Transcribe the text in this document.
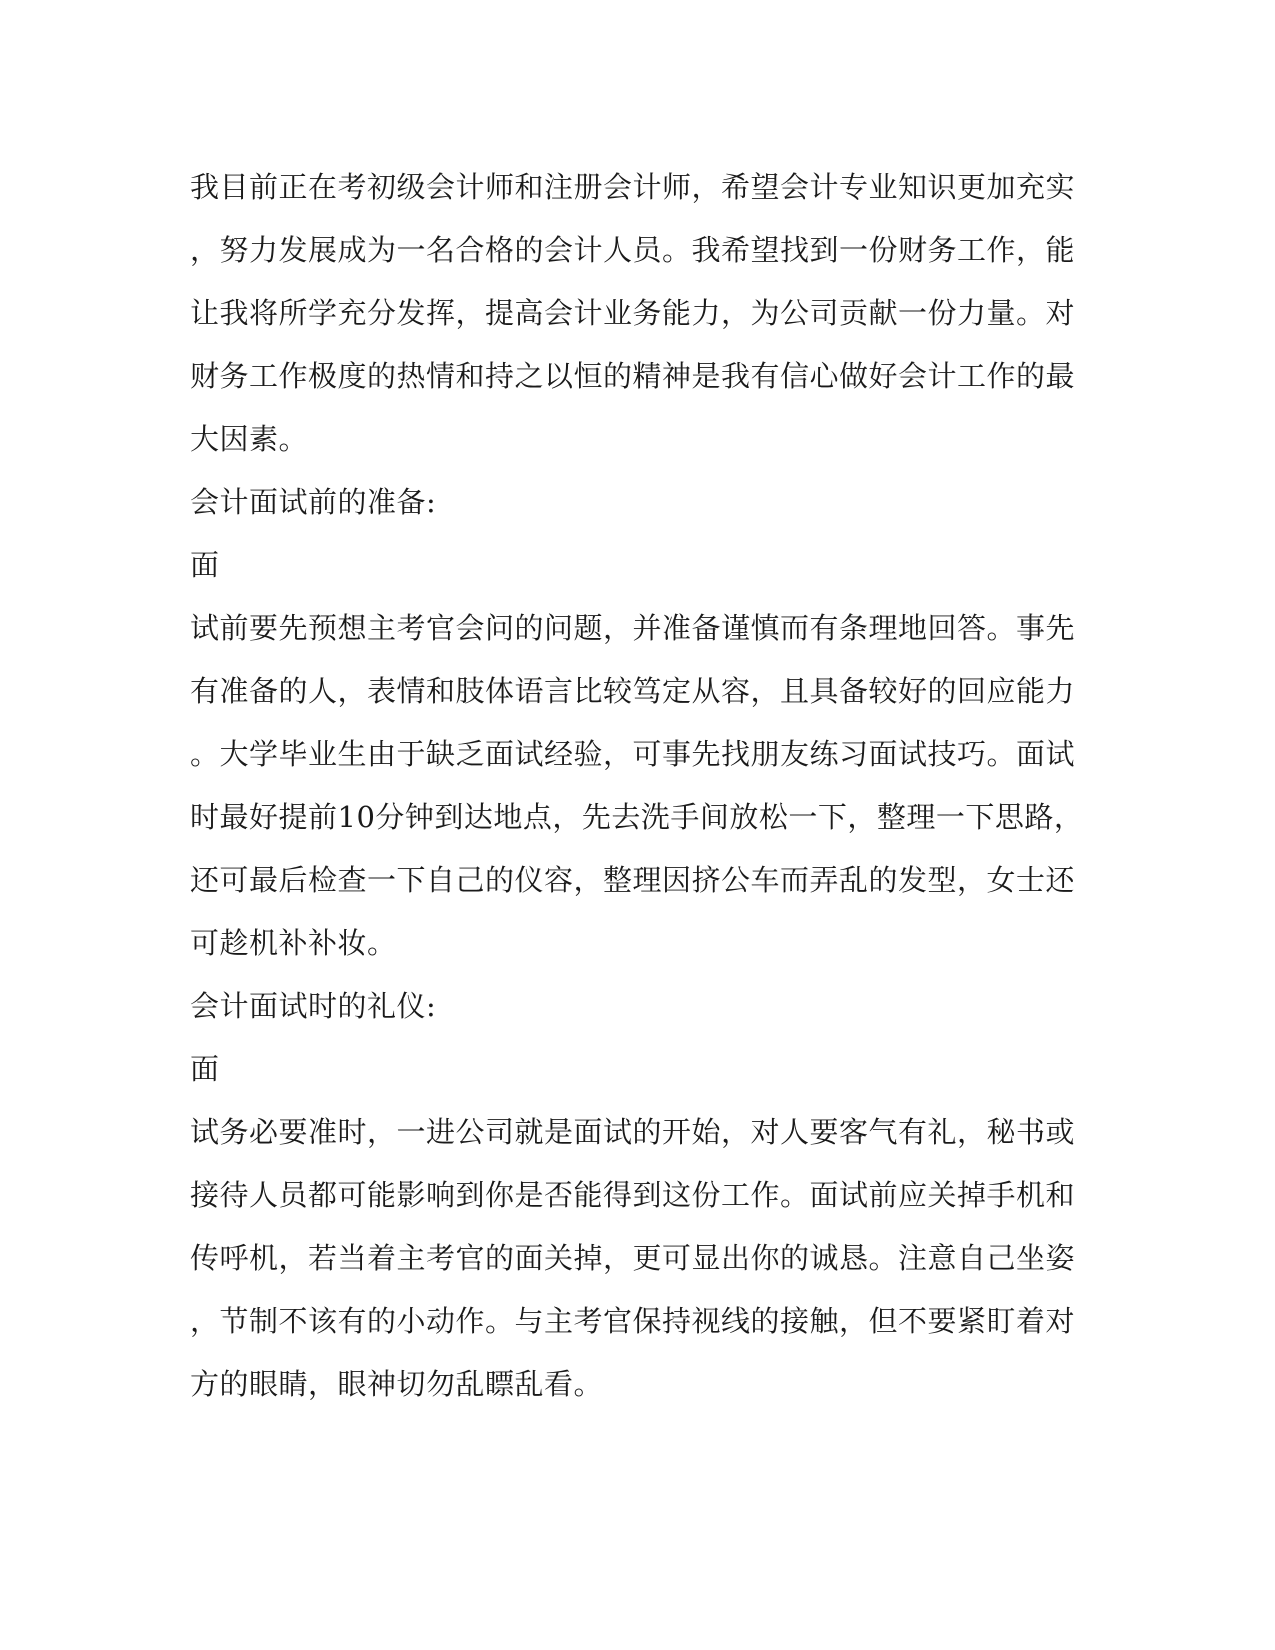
我目前正在考初级会计师和注册会计师，希望会计专业知识更加充实
，努力发展成为一名合格的会计人员。我希望找到一份财务工作，能
让我将所学充分发挥，提高会计业务能力，为公司贡献一份力量。对
财务工作极度的热情和持之以恒的精神是我有信心做好会计工作的最
大因素。
会计面试前的准备:
面
试前要先预想主考官会问的问题，并准备谨慎而有条理地回答。事先
有准备的人，表情和肢体语言比较笃定从容，且具备较好的回应能力
。大学毕业生由于缺乏面试经验，可事先找朋友练习面试技巧。面试
时最好提前10分钟到达地点，先去洗手间放松一下，整理一下思路，
还可最后检查一下自己的仪容，整理因挤公车而弄乱的发型，女士还
可趁机补补妆。
会计面试时的礼仪:
面
试务必要准时，一进公司就是面试的开始，对人要客气有礼，秘书或
接待人员都可能影响到你是否能得到这份工作。面试前应关掉手机和
传呼机，若当着主考官的面关掉，更可显出你的诚恳。注意自己坐姿
，节制不该有的小动作。与主考官保持视线的接触，但不要紧盯着对
方的眼睛，眼神切勿乱瞟乱看。
